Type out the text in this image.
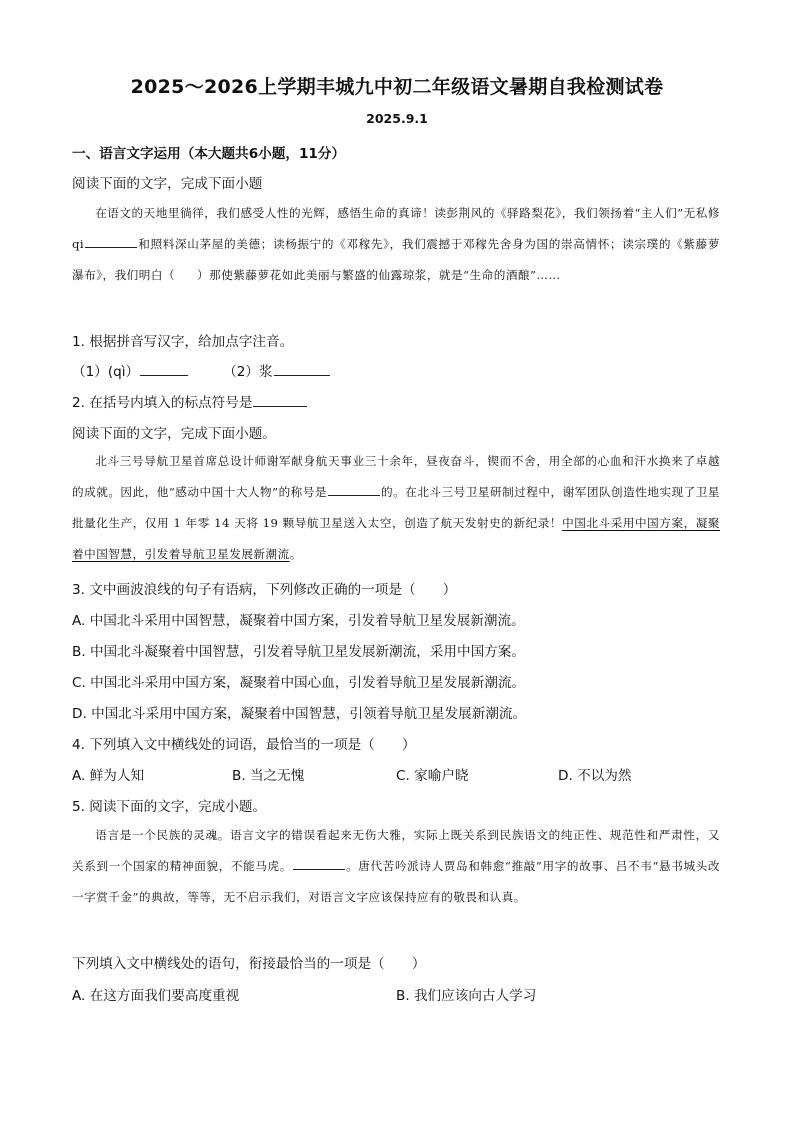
2025～2026上学期丰城九中初二年级语文暑期自我检测试卷
2025.9.1
一、语言文字运用（本大题共6小题，11分）
阅读下面的文字，完成下面小题

在语文的天地里徜徉，我们感受人性的光辉，感悟生命的真谛！读彭荆风的《驿路梨花》，我们领扬着“主人们”无私修 qi	和照料深山茅屋的美德；读杨振宁的《邓稼先》，我们震撼于邓稼先舍身为国的崇高情怀；读宗璞的《紫藤萝瀑布》，我们明白（ ）那使紫藤萝花如此美丽与繁盛的仙露琼浆，就是“生命的酒酿”……

1. 根据拼音写汉字，给加点字注音。
（1）(qì）	（2）浆
2. 在括号内填入的标点符号是
阅读下面的文字，完成下面小题。

北斗三号导航卫星首席总设计师谢军献身航天事业三十余年，昼夜奋斗，锲而不舍，用全部的心血和汗水换来了卓越的成就。因此，他“感动中国十大人物”的称号是	的。在北斗三号卫星研制过程中，谢军团队创造性地实现了卫星批量化生产，仅用 1 年零 14 天将 19 颗导航卫星送入太空，创造了航天发射史的新纪录！中国北斗采用中国方案，凝聚着中国智慧，引发着导航卫星发展新潮流。

3. 文中画波浪线的句子有语病，下列修改正确的一项是（　　）
A. 中国北斗采用中国智慧，凝聚着中国方案，引发着导航卫星发展新潮流。
B. 中国北斗凝聚着中国智慧，引发着导航卫星发展新潮流，采用中国方案。
C. 中国北斗采用中国方案，凝聚着中国心血，引发着导航卫星发展新潮流。
D. 中国北斗采用中国方案，凝聚着中国智慧，引领着导航卫星发展新潮流。
4. 下列填入文中横线处的词语，最恰当的一项是（　　）
A. 鲜为人知	B. 当之无愧	C. 家喻户晓	D. 不以为然
5. 阅读下面的文字，完成小题。

语言是一个民族的灵魂。语言文字的错误看起来无伤大雅，实际上既关系到民族语文的纯正性、规范性和严肃性，又关系到一个国家的精神面貌，不能马虎。	。唐代苦吟派诗人贾岛和韩愈“推敲”用字的故事、吕不韦“悬书城头改一字赏千金”的典故，等等，无不启示我们，对语言文字应该保持应有的敬畏和认真。

下列填入文中横线处的语句，衔接最恰当的一项是（　　）
A. 在这方面我们要高度重视	B. 我们应该向古人学习
